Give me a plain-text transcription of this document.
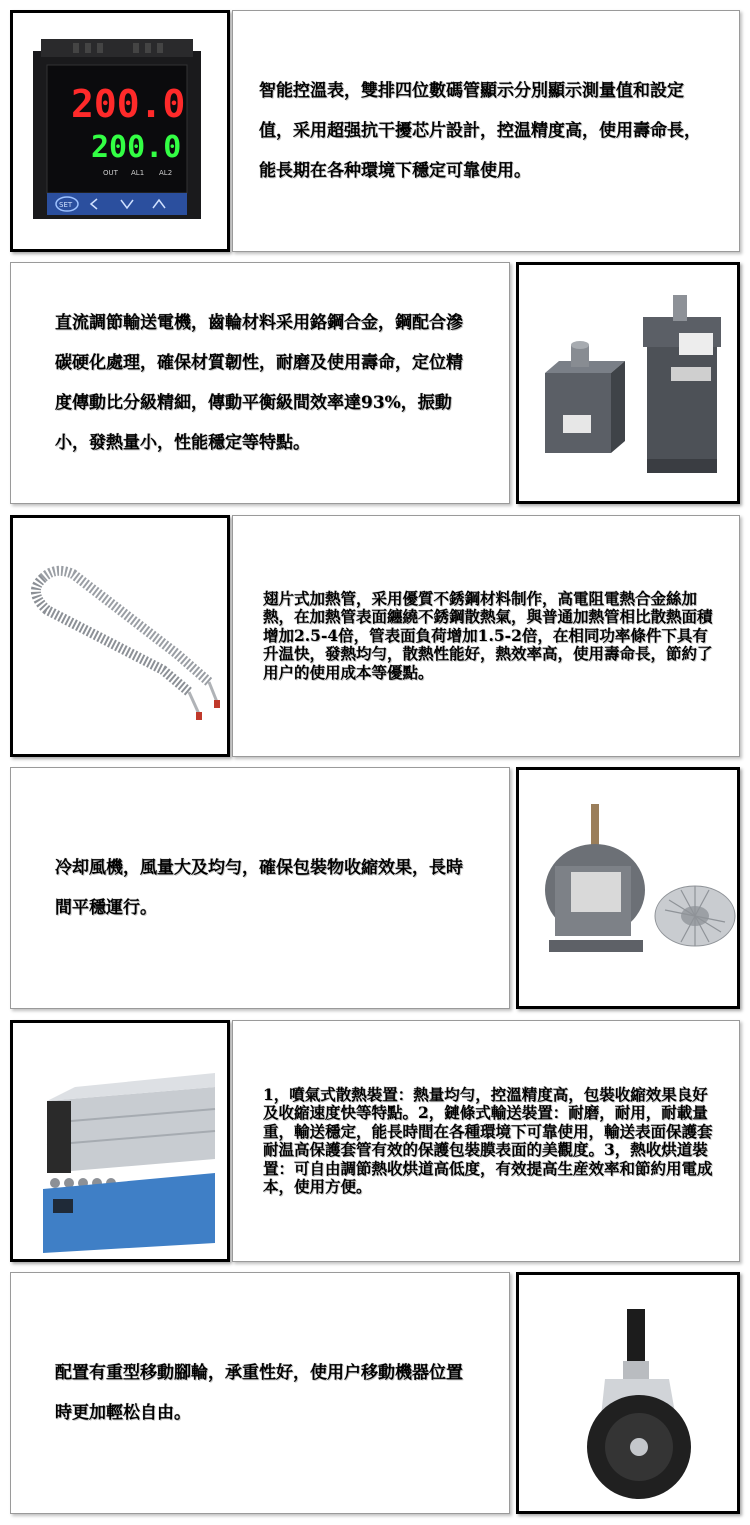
200.0
200.0
OUT AL1 AL2
SET

智能控溫表，雙排四位數碼管顯示分別顯示測量值和設定值，采用超强抗干擾芯片設計，控温精度高，使用壽命長，能長期在各种環境下穩定可靠使用。

直流調節輸送電機，齒輪材料采用鉻鋼合金，鋼配合滲碳硬化處理，確保材質韌性，耐磨及使用壽命，定位精度傳動比分級精細，傳動平衡級間效率達93%，振動小，發熱量小，性能穩定等特點。

翅片式加熱管，采用優質不銹鋼材料制作，高電阻電熱合金絲加熱，在加熱管表面纏繞不銹鋼散熱氣，與普通加熱管相比散熱面積增加2.5-4倍，管表面負荷增加1.5-2倍，在相同功率條件下具有升温快，發熱均勻，散熱性能好，熱效率高，使用壽命長，節約了用户的使用成本等優點。

冷却風機，風量大及均勻，確保包裝物收縮效果，長時間平穩運行。

1，噴氣式散熱裝置：熱量均勻，控溫精度高，包裝收縮效果良好及收縮速度快等特點。2，鏈條式輸送裝置：耐磨，耐用，耐載量重，輸送穩定，能長時間在各種環境下可靠使用，輸送表面保護套耐温高保護套管有效的保護包裝膜表面的美觀度。3，熱收烘道裝置：可自由調節熱收烘道高低度，有效提高生産效率和節約用電成本，使用方便。

配置有重型移動腳輪，承重性好，使用户移動機器位置時更加輕松自由。
